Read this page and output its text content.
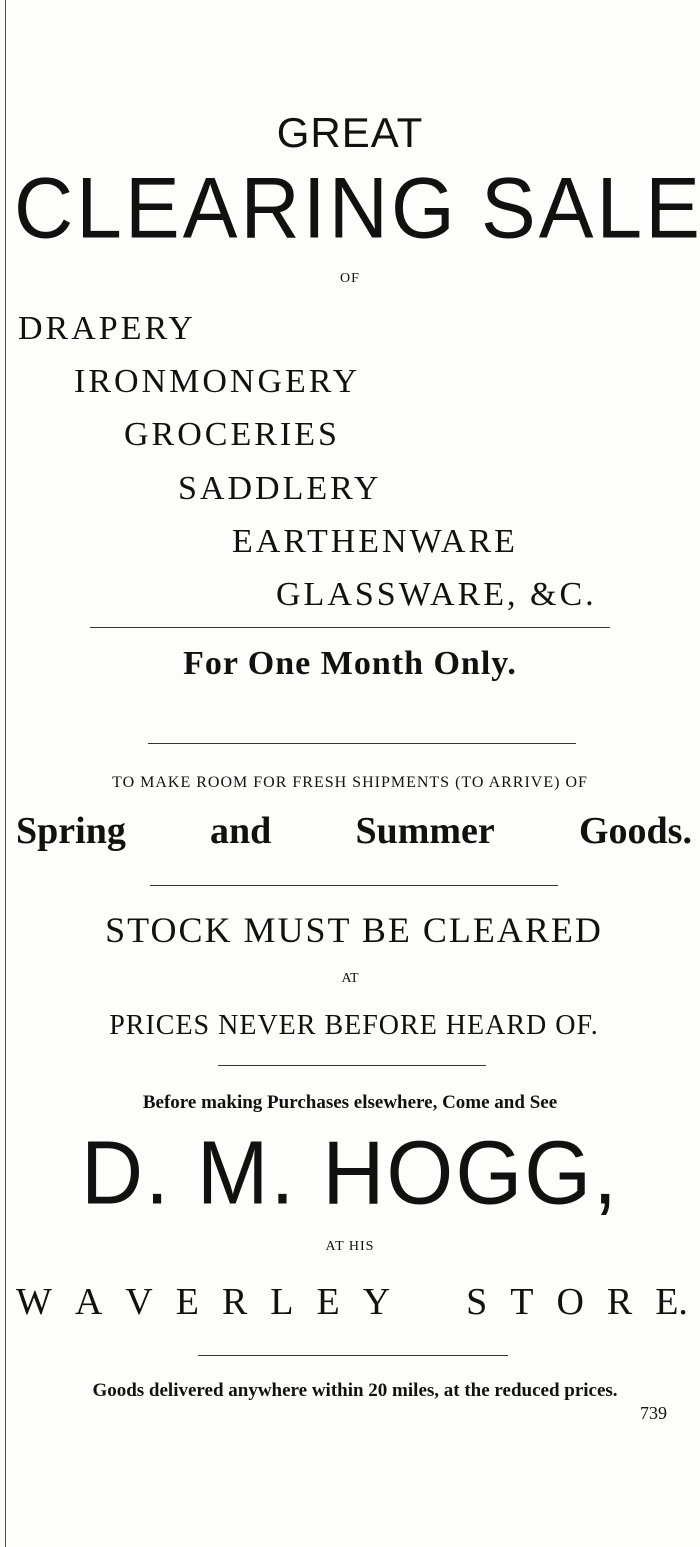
GREAT
C L E A R I N G S A L E
OF
DRAPERY
IRONMONGERY
GROCERIES
SADDLERY
EARTHENWARE
GLASSWARE, &C.
For One Month Only.
TO MAKE ROOM FOR FRESH SHIPMENTS (TO ARRIVE) OF
Spring and Summer Goods.
STOCK MUST BE CLEARED
AT
PRICES NEVER BEFORE HEARD OF.
Before making Purchases elsewhere, Come and See
D. M. HOGG,
AT HIS
W A V E R L E Y S T O R E.
Goods delivered anywhere within 20 miles, at the reduced prices.
739
